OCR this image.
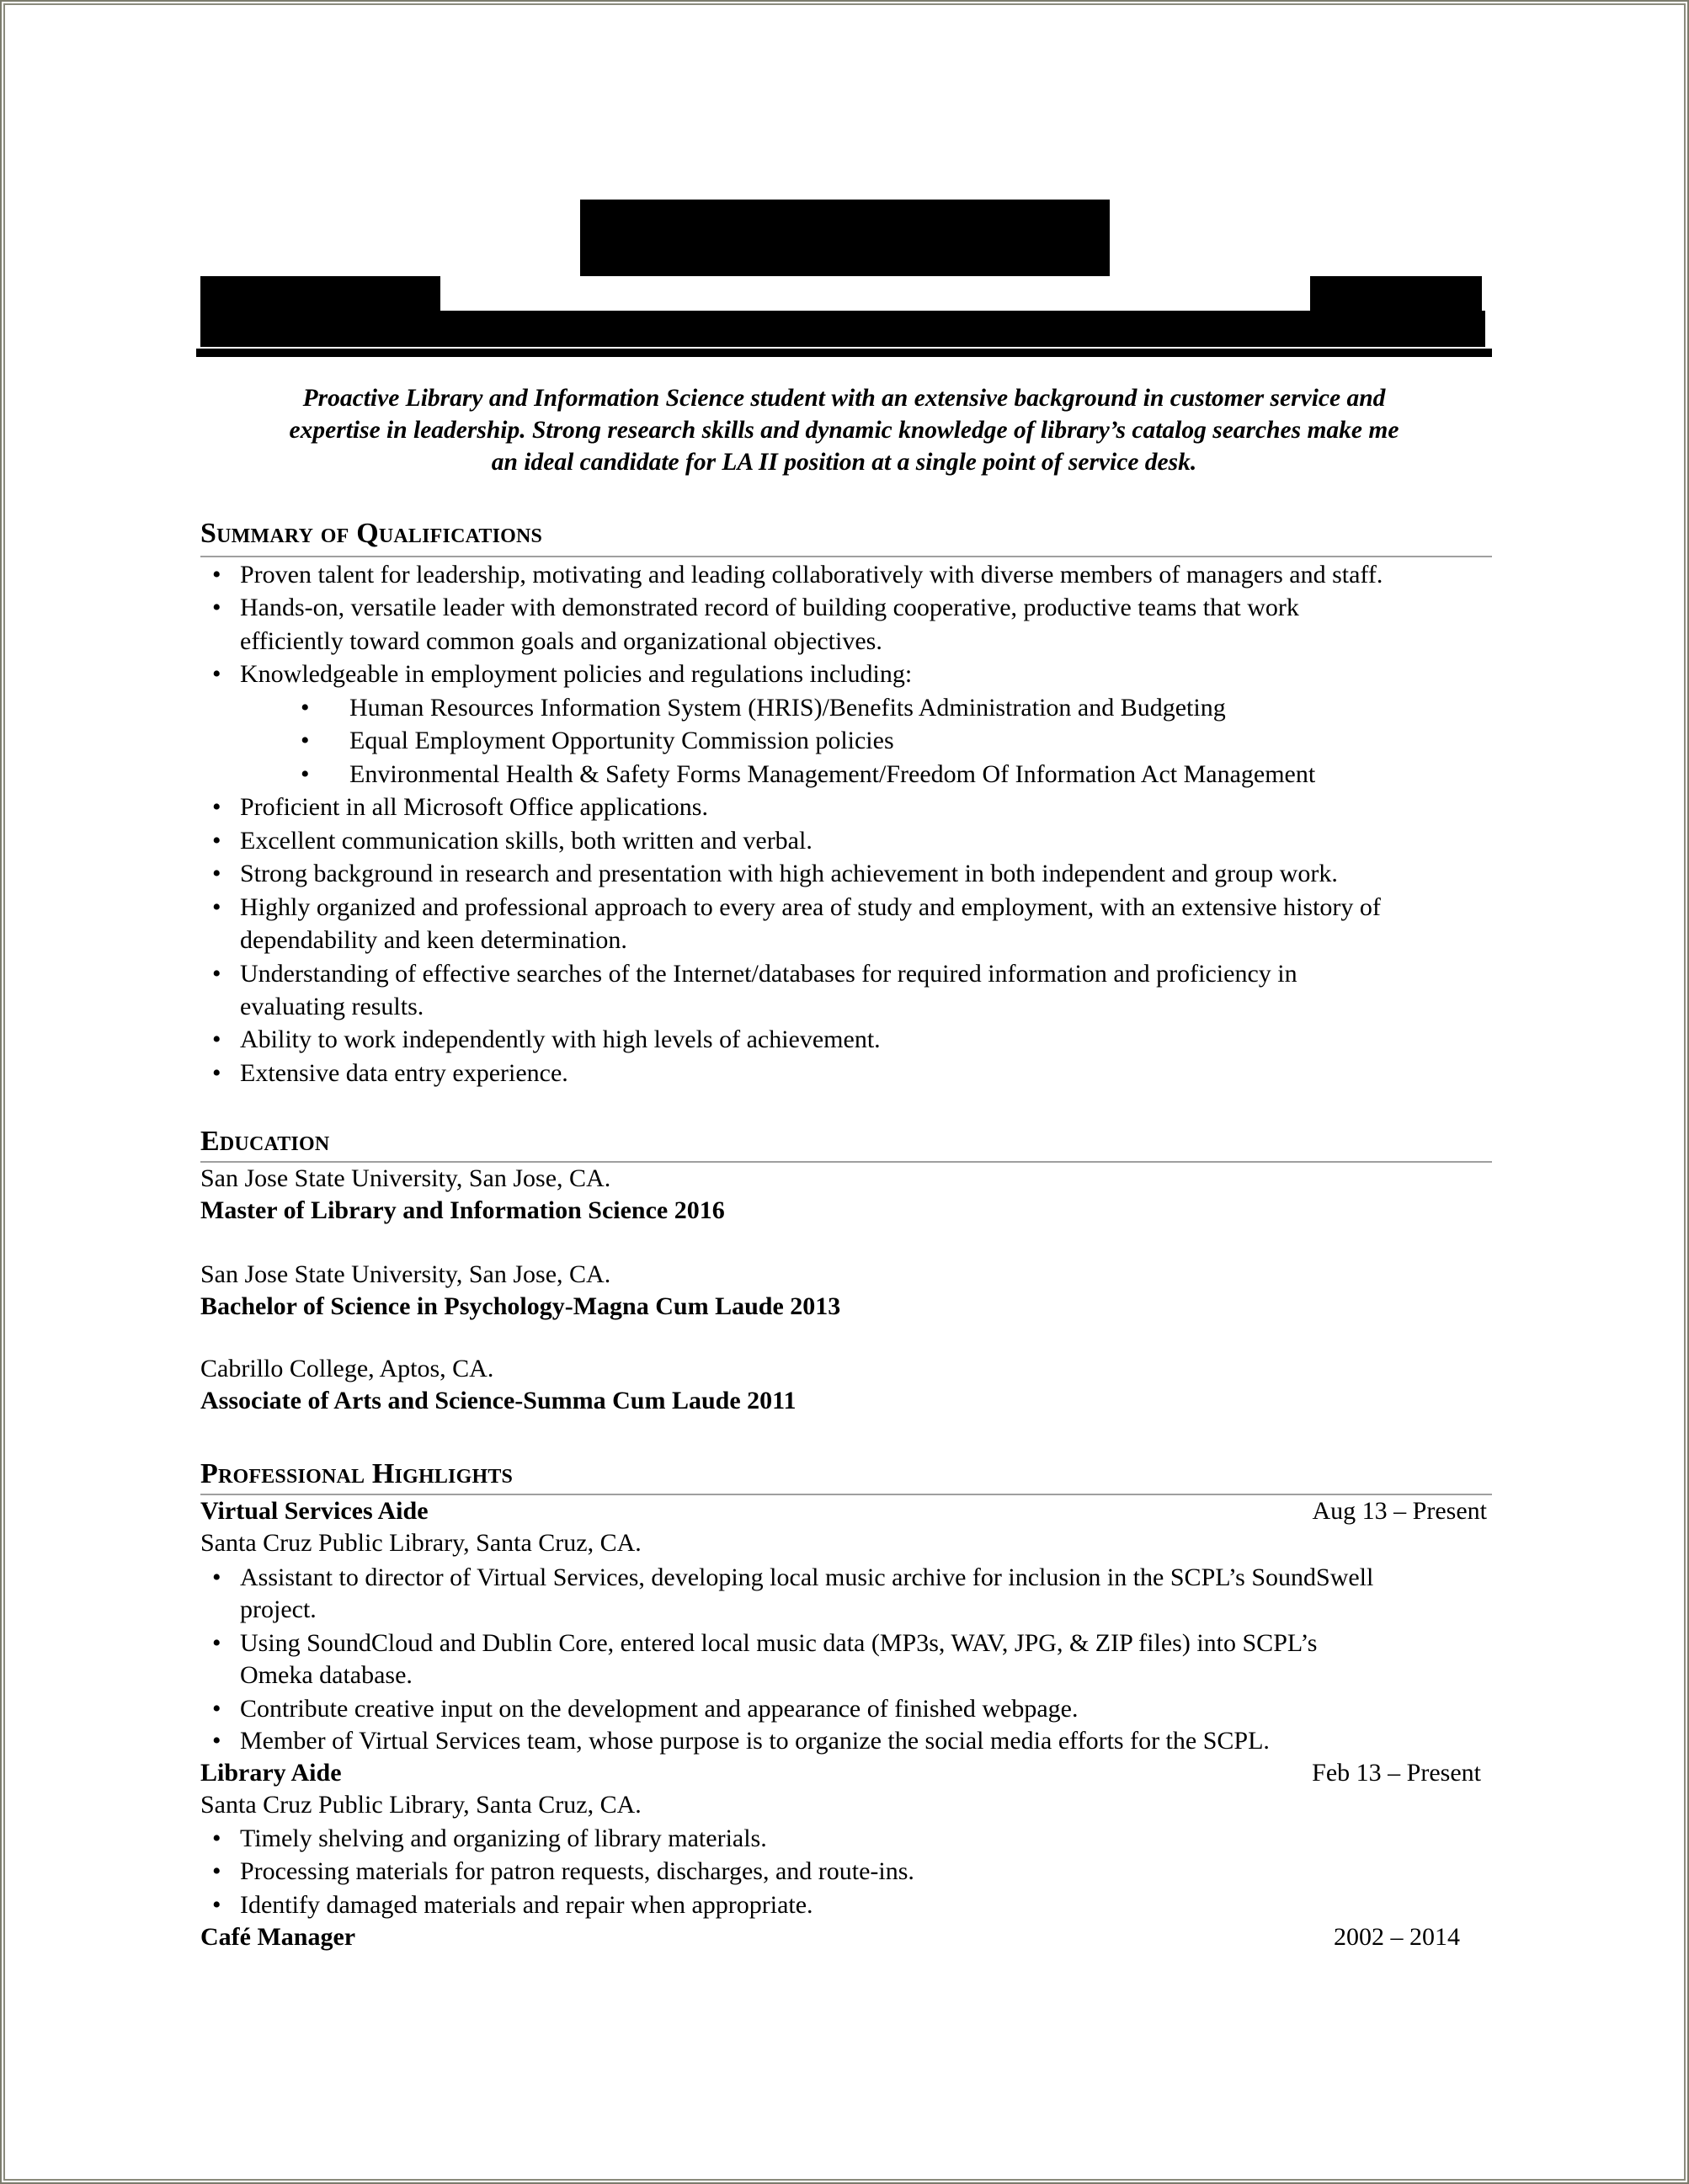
Proactive Library and Information Science student with an extensive background in customer service and
expertise in leadership. Strong research skills and dynamic knowledge of library’s catalog searches make me
an ideal candidate for LA II position at a single point of service desk.
Summary of Qualifications
• Proven talent for leadership, motivating and leading collaboratively with diverse members of managers and staff.
• Hands-on, versatile leader with demonstrated record of building cooperative, productive teams that work
efficiently toward common goals and organizational objectives.
• Knowledgeable in employment policies and regulations including:
• Human Resources Information System (HRIS)/Benefits Administration and Budgeting
• Equal Employment Opportunity Commission policies
• Environmental Health & Safety Forms Management/Freedom Of Information Act Management
• Proficient in all Microsoft Office applications.
• Excellent communication skills, both written and verbal.
• Strong background in research and presentation with high achievement in both independent and group work.
• Highly organized and professional approach to every area of study and employment, with an extensive history of
dependability and keen determination.
• Understanding of effective searches of the Internet/databases for required information and proficiency in
evaluating results.
• Ability to work independently with high levels of achievement.
• Extensive data entry experience.
Education
San Jose State University, San Jose, CA.
Master of Library and Information Science 2016
San Jose State University, San Jose, CA.
Bachelor of Science in Psychology-Magna Cum Laude 2013
Cabrillo College, Aptos, CA.
Associate of Arts and Science-Summa Cum Laude 2011
Professional Highlights
Virtual Services Aide	Aug 13 – Present
Santa Cruz Public Library, Santa Cruz, CA.
• Assistant to director of Virtual Services, developing local music archive for inclusion in the SCPL’s SoundSwell
project.
• Using SoundCloud and Dublin Core, entered local music data (MP3s, WAV, JPG, & ZIP files) into SCPL’s
Omeka database.
• Contribute creative input on the development and appearance of finished webpage.
• Member of Virtual Services team, whose purpose is to organize the social media efforts for the SCPL.
Library Aide	Feb 13 – Present
Santa Cruz Public Library, Santa Cruz, CA.
• Timely shelving and organizing of library materials.
• Processing materials for patron requests, discharges, and route-ins.
• Identify damaged materials and repair when appropriate.
Café Manager	2002 – 2014
